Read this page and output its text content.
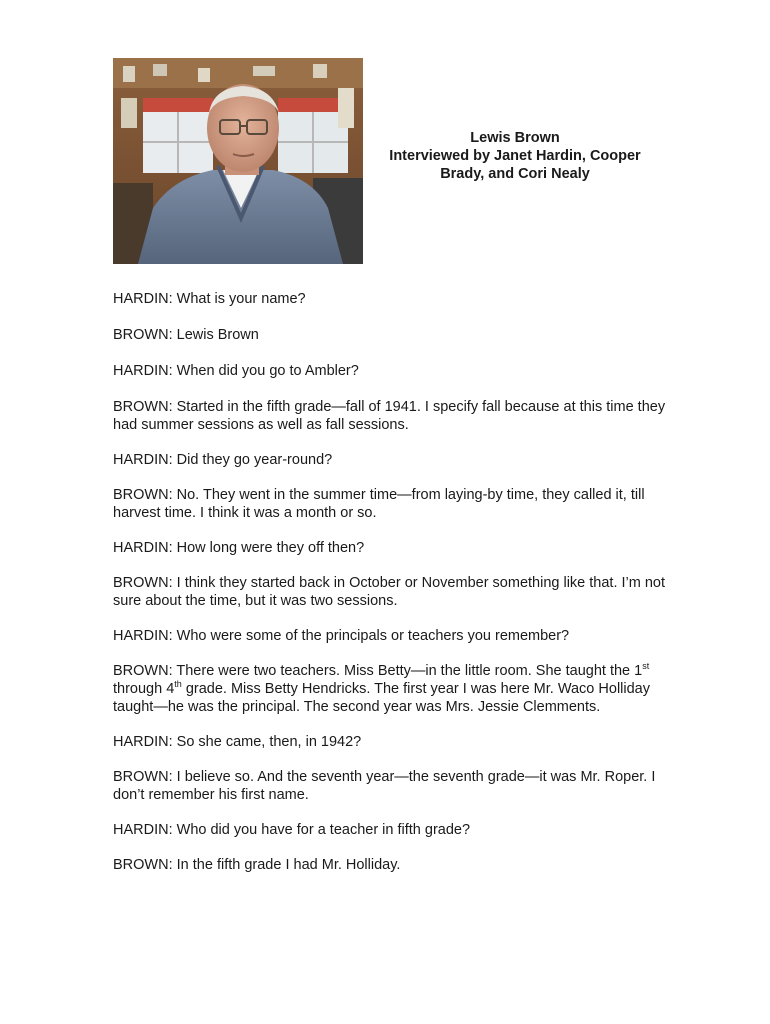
Lewis Brown
Interviewed by Janet Hardin, Cooper
Brady, and Cori Nealy

HARDIN: What is your name?

BROWN: Lewis Brown

HARDIN: When did you go to Ambler?

BROWN: Started in the fifth grade—fall of 1941. I specify fall because at this time they had summer sessions as well as fall sessions.

HARDIN: Did they go year-round?

BROWN: No. They went in the summer time—from laying-by time, they called it, till harvest time. I think it was a month or so.

HARDIN: How long were they off then?

BROWN: I think they started back in October or November something like that. I’m not sure about the time, but it was two sessions.

HARDIN: Who were some of the principals or teachers you remember?

BROWN: There were two teachers. Miss Betty—in the little room. She taught the 1st through 4th grade. Miss Betty Hendricks. The first year I was here Mr. Waco Holliday taught—he was the principal. The second year was Mrs. Jessie Clemments.

HARDIN: So she came, then, in 1942?

BROWN: I believe so. And the seventh year—the seventh grade—it was Mr. Roper. I don’t remember his first name.

HARDIN: Who did you have for a teacher in fifth grade?

BROWN: In the fifth grade I had Mr. Holliday.
